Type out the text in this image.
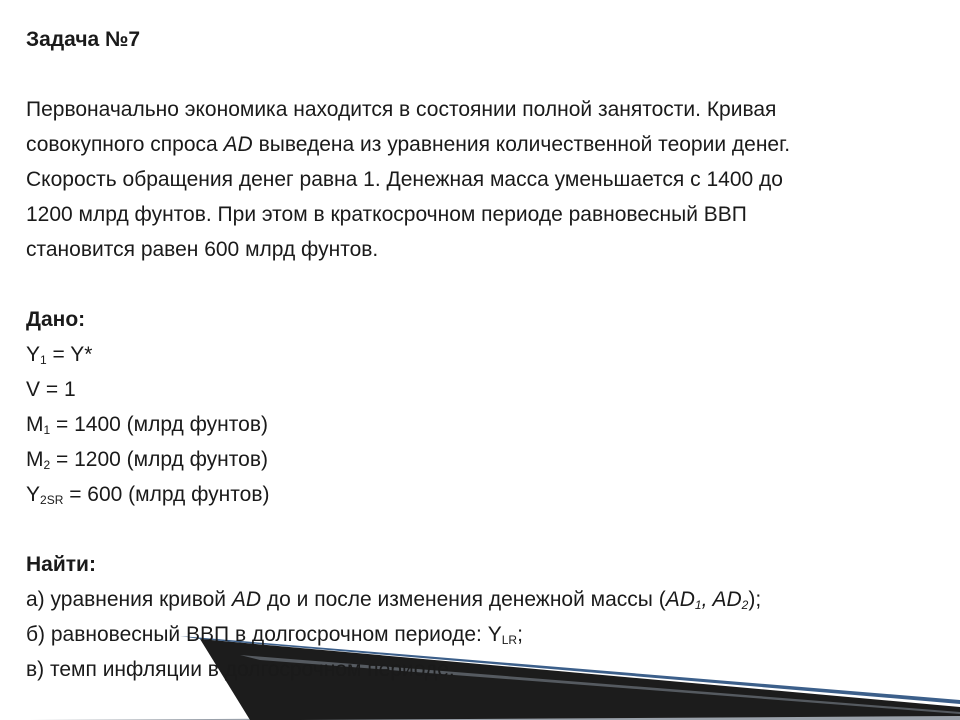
Задача №7
Первоначально экономика находится в состоянии полной занятости. Кривая
совокупного спроса AD выведена из уравнения количественной теории денег.
Скорость обращения денег равна 1. Денежная масса уменьшается с 1400 до
1200 млрд фунтов. При этом в краткосрочном периоде равновесный ВВП
становится равен 600 млрд фунтов.
Дано:
$Y_1 = Y*$
V = 1
$M_1 = 1400$ (млрд фунтов)
$M_2 = 1200$ (млрд фунтов)
$Y_{2SR} = 600$ (млрд фунтов)
Найти:
а) уравнения кривой AD до и после изменения денежной массы ($AD_1$, $AD_2$);
б) равновесный ВВП в долгосрочном периоде: $Y_{LR}$;
в) темп инфляции в долгосрочном периоде.
